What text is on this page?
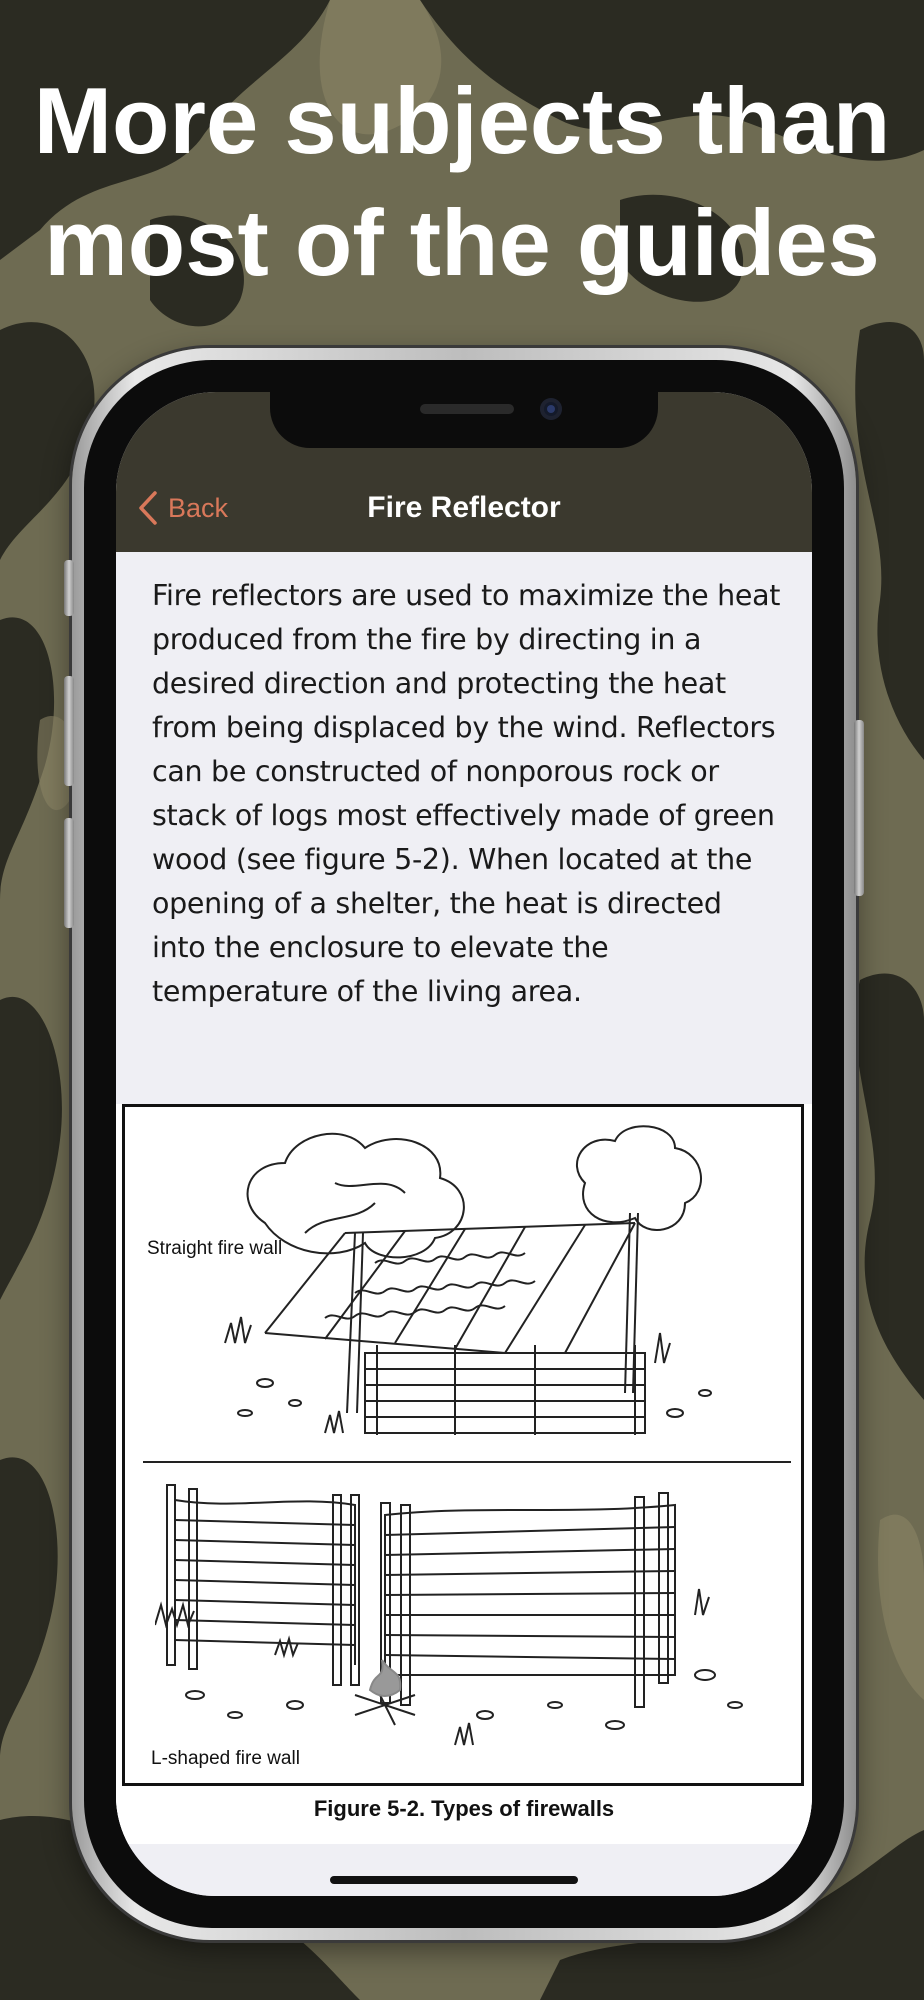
More subjects than
most of the guides
Back	Fire Reflector

Fire reflectors are used to maximize the heat produced from the fire by directing in a desired direction and protecting the heat from being displaced by the wind. Reflectors can be constructed of nonporous rock or stack of logs most effectively made of green wood (see figure 5-2). When located at the opening of a shelter, the heat is directed into the enclosure to elevate the temperature of the living area.

Straight fire wall
L-shaped fire wall
Figure 5-2. Types of firewalls
